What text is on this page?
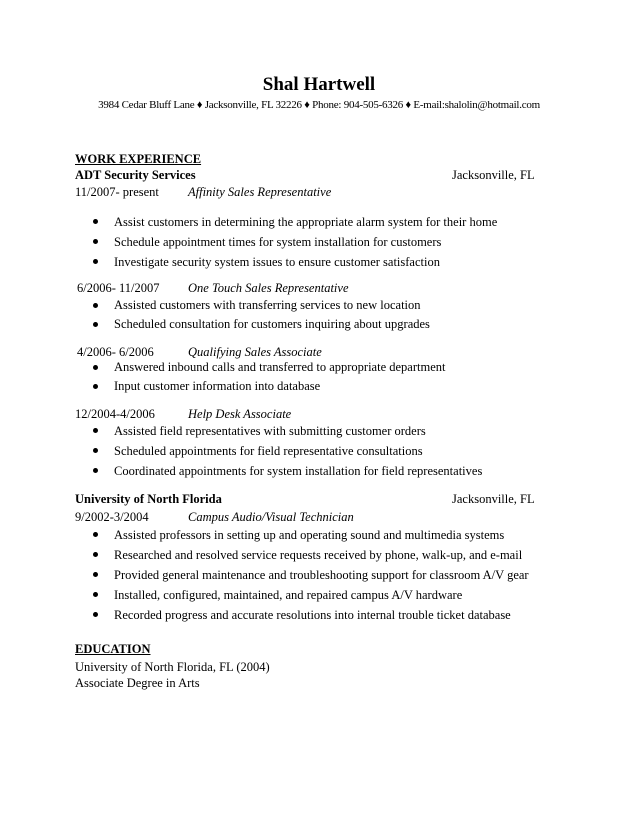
Shal Hartwell
3984 Cedar Bluff Lane ♦ Jacksonville, FL 32226 ♦ Phone: 904-505-6326 ♦ E-mail:shalolin@hotmail.com
WORK EXPERIENCE
ADT Security Services	Jacksonville, FL
11/2007- present Affinity Sales Representative
Assist customers in determining the appropriate alarm system for their home
Schedule appointment times for system installation for customers
Investigate security system issues to ensure customer satisfaction
6/2006- 11/2007 One Touch Sales Representative
Assisted customers with transferring services to new location
Scheduled consultation for customers inquiring about upgrades
4/2006- 6/2006	Qualifying Sales Associate
Answered inbound calls and transferred to appropriate department
Input customer information into database
12/2004-4/2006	Help Desk Associate
Assisted field representatives with submitting customer orders
Scheduled appointments for field representative consultations
Coordinated appointments for system installation for field representatives
University of North Florida	Jacksonville, FL
9/2002-3/2004	Campus Audio/Visual Technician
Assisted professors in setting up and operating sound and multimedia systems
Researched and resolved service requests received by phone, walk-up, and e-mail
Provided general maintenance and troubleshooting support for classroom A/V gear
Installed, configured, maintained, and repaired campus A/V hardware
Recorded progress and accurate resolutions into internal trouble ticket database
EDUCATION
University of North Florida, FL (2004)
Associate Degree in Arts
